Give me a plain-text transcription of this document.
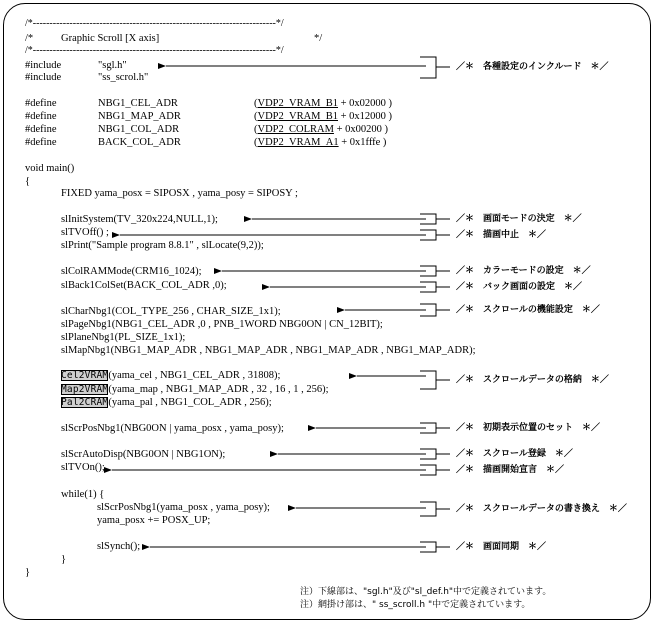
/*-------------------------------------------------------------------------*/
/*	Graphic Scroll [X axis]	*/
/*-------------------------------------------------------------------------*/
#include	"sgl.h"
#include	"ss_scrol.h"
#define	NBG1_CEL_ADR	(VDP2_VRAM_B1 + 0x02000 )
#define	NBG1_MAP_ADR	(VDP2_VRAM_B1 + 0x12000 )
#define	NBG1_COL_ADR	(VDP2_COLRAM + 0x00200 )
#define	BACK_COL_ADR	(VDP2_VRAM_A1 + 0x1fffe )
void main()
{
FIXED yama_posx = SIPOSX , yama_posy = SIPOSY ;
slInitSystem(TV_320x224,NULL,1);
slTVOff() ;
slPrint("Sample program 8.8.1" , slLocate(9,2));
slColRAMMode(CRM16_1024);
slBack1ColSet(BACK_COL_ADR ,0);
slCharNbg1(COL_TYPE_256 , CHAR_SIZE_1x1);
slPageNbg1(NBG1_CEL_ADR ,0 , PNB_1WORD NBG0ON | CN_12BIT);
slPlaneNbg1(PL_SIZE_1x1);
slMapNbg1(NBG1_MAP_ADR , NBG1_MAP_ADR , NBG1_MAP_ADR , NBG1_MAP_ADR);
Cel2VRAM(yama_cel , NBG1_CEL_ADR , 31808);
Map2VRAM(yama_map , NBG1_MAP_ADR , 32 , 16 , 1 , 256);
Pal2CRAM(yama_pal , NBG1_COL_ADR , 256);
slScrPosNbg1(NBG0ON | yama_posx , yama_posy);
slScrAutoDisp(NBG0ON | NBG1ON);
slTVOn();
while(1) {
slScrPosNbg1(yama_posx , yama_posy);
yama_posx += POSX_UP;
slSynch();
}
}
／＊　各種設定のインクルード　＊／
／＊　画面モードの決定　＊／
／＊　描画中止　＊／
／＊　カラーモードの設定　＊／
／＊　バック画面の設定　＊／
／＊　スクロールの機能設定　＊／
／＊　スクロールデータの格納　＊／
／＊　初期表示位置のセット　＊／
／＊　スクロール登録　＊／
／＊　描画開始宣言　＊／
／＊　スクロールデータの書き換え　＊／
／＊　画面同期　＊／
注）下線部は、"sgl.h"及び"sl_def.h"中で定義されています。
注）網掛け部は、" ss_scroll.h "中で定義されています。
